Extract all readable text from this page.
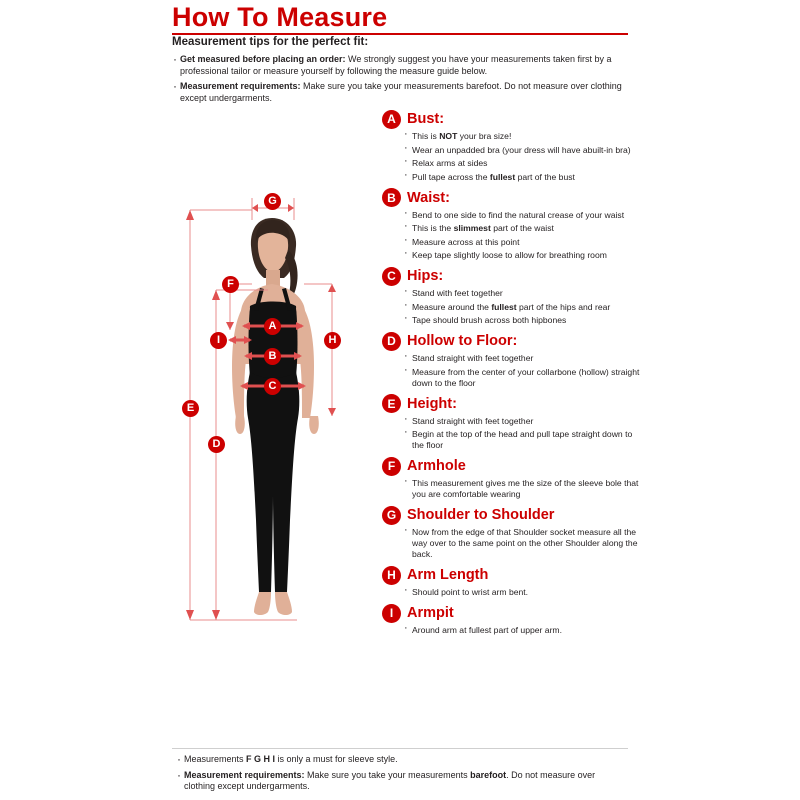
How To Measure
Measurement tips for the perfect fit:
· Get measured before placing an order: We strongly suggest you have your measurements taken first by a professional tailor or measure yourself by following the measure guide below.
· Measurement requirements: Make sure you take your measurements barefoot. Do not measure over clothing except undergarments.
A Bust:
· This is NOT your bra size!
· Wear an unpadded bra (your dress will have abuilt-in bra)
· Relax arms at sides
· Pull tape across the fullest part of the bust
B Waist:
· Bend to one side to find the natural crease of your waist
· This is the slimmest part of the waist
· Measure across at this point
· Keep tape slightly loose to allow for breathing room
C Hips:
· Stand with feet together
· Measure around the fullest part of the hips and rear
· Tape should brush across both hipbones
D Hollow to Floor:
· Stand straight with feet together
· Measure from the center of your collarbone (hollow) straight down to the floor
E Height:
· Stand straight with feet together
· Begin at the top of the head and pull tape straight down to the floor
F Armhole
· This measurement gives me the size of the sleeve bole that you are comfortable wearing
G Shoulder to Shoulder
· Now from the edge of that Shoulder socket measure all the way over to the same point on the other Shoulder along the back.
H Arm Length
· Should point to wrist arm bent.
I Armpit
· Around arm at fullest part of upper arm.
G
F
A
I	H
B
C
E
D
· Measurements F G H I is only a must for sleeve style.
· Measurement requirements: Make sure you take your measurements barefoot. Do not measure over clothing except undergarments.
